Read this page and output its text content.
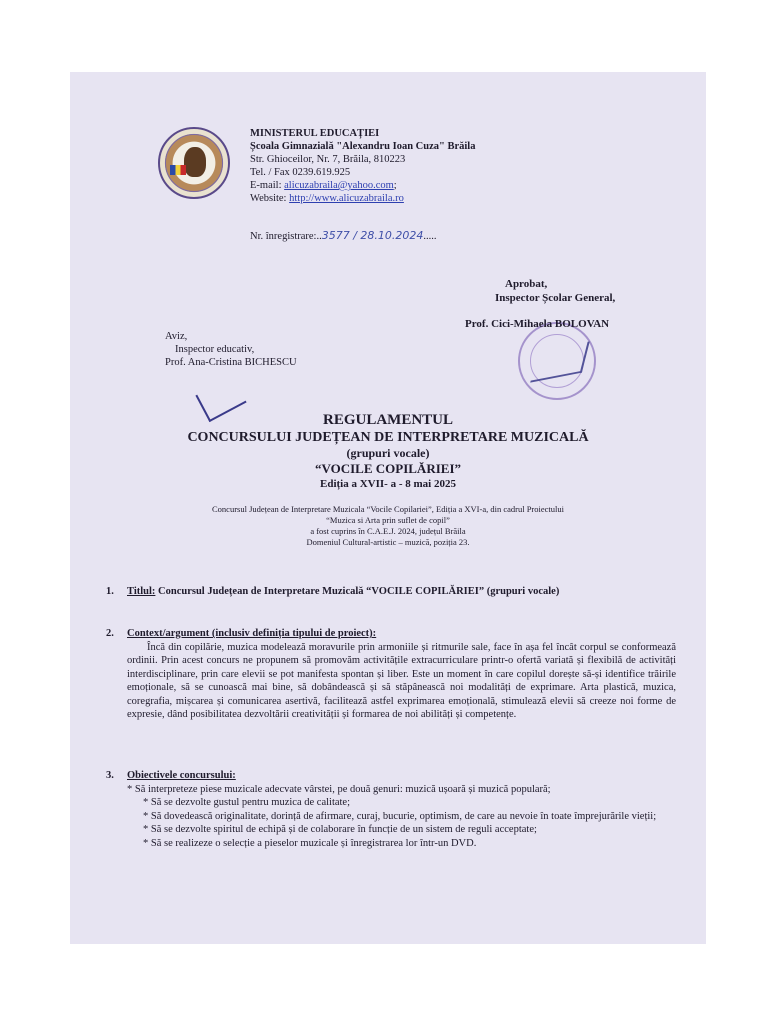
MINISTERUL EDUCAȚIEI
Școala Gimnazială "Alexandru Ioan Cuza" Brăila
Str. Ghioceilor, Nr. 7, Brăila, 810223
Tel. / Fax 0239.619.925
E-mail: alicuzabraila@yahoo.com;
Website: http://www.alicuzabraila.ro
Nr. înregistrare:..3577 / 28.10.2024.....
Aprobat,
Inspector Școlar General,
Prof. Cici-Mihaela BOLOVAN
Aviz,
Inspector educativ,
Prof. Ana-Cristina BICHESCU
REGULAMENTUL
CONCURSULUI JUDEȚEAN DE INTERPRETARE MUZICALĂ
(grupuri vocale)
“VOCILE COPILĂRIEI”
Ediția a XVII- a - 8 mai 2025
Concursul Județean de Interpretare Muzicala “Vocile Copilariei”, Ediția a XVI-a, din cadrul Proiectului
“Muzica si Arta prin suflet de copil”
a fost cuprins în C.A.E.J. 2024, județul Brăila
Domeniul Cultural-artistic – muzică, poziția 23.
1. Titlul: Concursul Județean de Interpretare Muzicală “VOCILE COPILĂRIEI” (grupuri vocale)
2. Context/argument (inclusiv definiția tipului de proiect):

Încă din copilărie, muzica modelează moravurile prin armoniile și ritmurile sale, face în așa fel încât corpul se conformează ordinii. Prin acest concurs ne propunem să promovăm activitățile extracurriculare printr-o ofertă variată și flexibilă de activități interdisciplinare, prin care elevii se pot manifesta spontan și liber. Este un moment în care copilul dorește să-și identifice trăirile emoționale, să se cunoască mai bine, să dobândească și să stăpânească noi modalități de exprimare. Arta plastică, muzica, coregrafia, mișcarea și comunicarea asertivă, facilitează astfel exprimarea emoțională, stimulează elevii să creeze noi forme de expresie, dând posibilitatea dezvoltării creativității și formarea de noi abilități și competențe.

3. Obiectivele concursului:

* Să interpreteze piese muzicale adecvate vârstei, pe două genuri: muzică ușoară și muzică populară;

* Să se dezvolte gustul pentru muzica de calitate;

* Să dovedească originalitate, dorință de afirmare, curaj, bucurie, optimism, de care au nevoie în toate împrejurările vieții;

* Să se dezvolte spiritul de echipă și de colaborare în funcție de un sistem de reguli acceptate;

* Să se realizeze o selecție a pieselor muzicale și înregistrarea lor într-un DVD.
